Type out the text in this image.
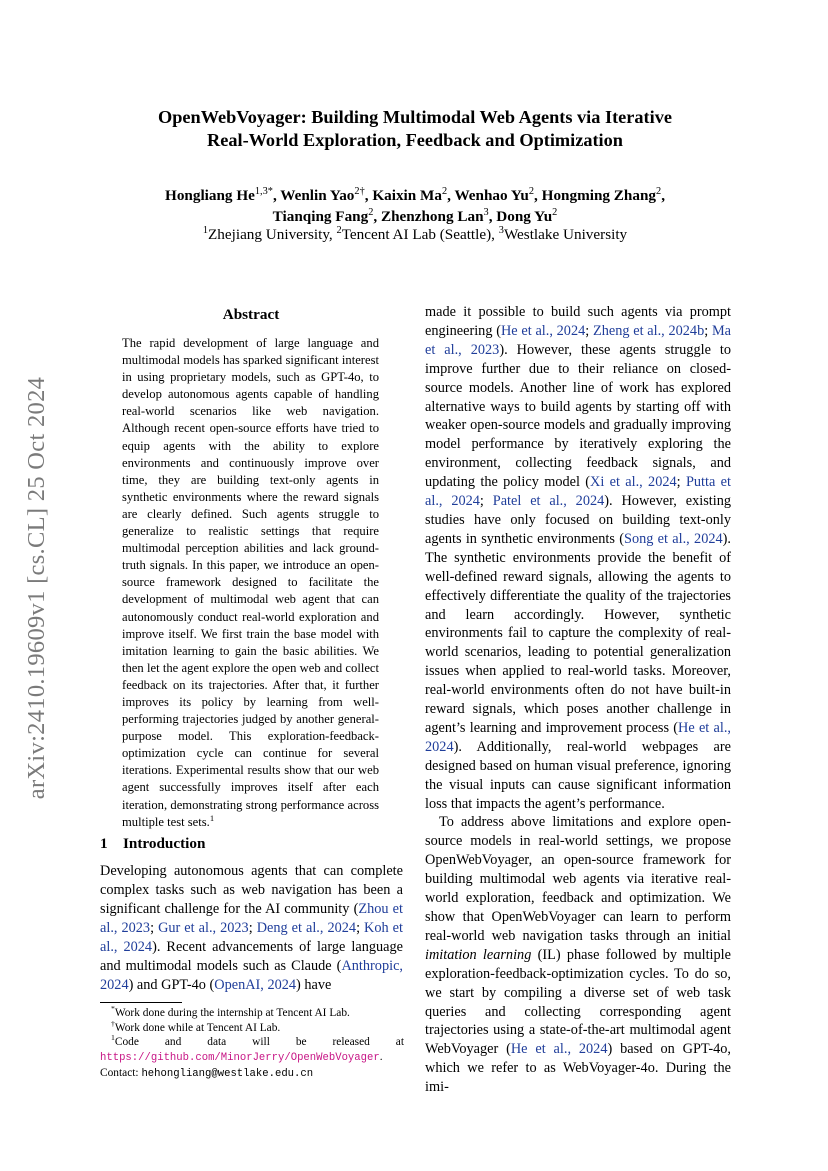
arXiv:2410.19609v1 [cs.CL] 25 Oct 2024
OpenWebVoyager: Building Multimodal Web Agents via Iterative
Real-World Exploration, Feedback and Optimization
Hongliang $He^{1,3*}$, Wenlin Yao$^{2\dagger}$, Kaixin Ma$^2$, Wenhao Yu$^2$, Hongming Zhang$^2$,
Tianqing Fang$^2$, Zhenzhong Lan$^3$, Dong Yu$^2$
$^1$Zhejiang University, $^2$Tencent AI Lab (Seattle), $^3$Westlake University
Abstract
The rapid development of large language and multimodal models has sparked significant interest in using proprietary models, such as GPT-4o, to develop autonomous agents capable of handling real-world scenarios like web navigation. Although recent open-source efforts have tried to equip agents with the ability to explore environments and continuously improve over time, they are building text-only agents in synthetic environments where the reward signals are clearly defined. Such agents struggle to generalize to realistic settings that require multimodal perception abilities and lack ground-truth signals. In this paper, we introduce an open-source framework designed to facilitate the development of multimodal web agent that can autonomously conduct real-world exploration and improve itself. We first train the base model with imitation learning to gain the basic abilities. We then let the agent explore the open web and collect feedback on its trajectories. After that, it further improves its policy by learning from well-performing trajectories judged by another general-purpose model. This exploration-feedback-optimization cycle can continue for several iterations. Experimental results show that our web agent successfully improves itself after each iteration, demonstrating strong performance across multiple test sets.$^1$
1 Introduction
Developing autonomous agents that can complete complex tasks such as web navigation has been a significant challenge for the AI community (Zhou et al., 2023; Gur et al., 2023; Deng et al., 2024; Koh et al., 2024). Recent advancements of large language and multimodal models such as Claude (Anthropic, 2024) and GPT-4o (OpenAI, 2024) have
*Work done during the internship at Tencent AI Lab.
†Work done while at Tencent AI Lab.
$^1$Code and data will be released at https://github.com/MinorJerry/OpenWebVoyager. Contact: hehongliang@westlake.edu.cn

made it possible to build such agents via prompt engineering (He et al., 2024; Zheng et al., 2024b; Ma et al., 2023). However, these agents struggle to improve further due to their reliance on closed-source models. Another line of work has explored alternative ways to build agents by starting off with weaker open-source models and gradually improving model performance by iteratively exploring the environment, collecting feedback signals, and updating the policy model (Xi et al., 2024; Putta et al., 2024; Patel et al., 2024). However, existing studies have only focused on building text-only agents in synthetic environments (Song et al., 2024). The synthetic environments provide the benefit of well-defined reward signals, allowing the agents to effectively differentiate the quality of the trajectories and learn accordingly. However, synthetic environments fail to capture the complexity of real-world scenarios, leading to potential generalization issues when applied to real-world tasks. Moreover, real-world environments often do not have built-in reward signals, which poses another challenge in agent’s learning and improvement process (He et al., 2024). Additionally, real-world webpages are designed based on human visual preference, ignoring the visual inputs can cause significant information loss that impacts the agent’s performance.

To address above limitations and explore open-source models in real-world settings, we propose OpenWebVoyager, an open-source framework for building multimodal web agents via iterative real-world exploration, feedback and optimization. We show that OpenWebVoyager can learn to perform real-world web navigation tasks through an initial imitation learning (IL) phase followed by multiple exploration-feedback-optimization cycles. To do so, we start by compiling a diverse set of web task queries and collecting corresponding agent trajectories using a state-of-the-art multimodal agent WebVoyager (He et al., 2024) based on GPT-4o, which we refer to as WebVoyager-4o. During the imi-
